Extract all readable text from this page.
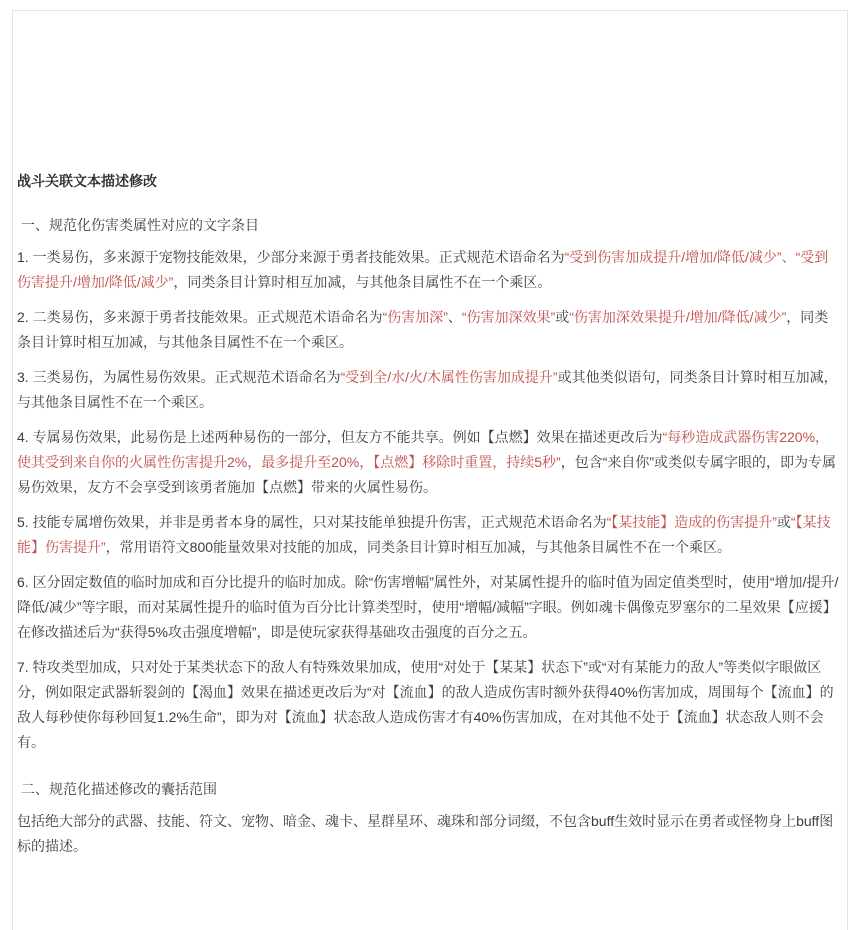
战斗关联文本描述修改
一、规范化伤害类属性对应的文字条目

1. 一类易伤，多来源于宠物技能效果，少部分来源于勇者技能效果。正式规范术语命名为“受到伤害加成提升/增加/降低/减少”、“受到伤害提升/增加/降低/减少”，同类条目计算时相互加减，与其他条目属性不在一个乘区。

2. 二类易伤，多来源于勇者技能效果。正式规范术语命名为“伤害加深”、“伤害加深效果”或“伤害加深效果提升/增加/降低/减少”，同类条目计算时相互加减，与其他条目属性不在一个乘区。

3. 三类易伤，为属性易伤效果。正式规范术语命名为“受到全/水/火/木属性伤害加成提升”或其他类似语句，同类条目计算时相互加减，与其他条目属性不在一个乘区。

4. 专属易伤效果，此易伤是上述两种易伤的一部分，但友方不能共享。例如【点燃】效果在描述更改后为“每秒造成武器伤害220%，使其受到来自你的火属性伤害提升2%，最多提升至20%，【点燃】移除时重置，持续5秒”，包含“来自你”或类似专属字眼的，即为专属易伤效果，友方不会享受到该勇者施加【点燃】带来的火属性易伤。

5. 技能专属增伤效果，并非是勇者本身的属性，只对某技能单独提升伤害，正式规范术语命名为“【某技能】造成的伤害提升”或“【某技能】伤害提升”，常用语符文800能量效果对技能的加成，同类条目计算时相互加减，与其他条目属性不在一个乘区。

6. 区分固定数值的临时加成和百分比提升的临时加成。除“伤害增幅”属性外，对某属性提升的临时值为固定值类型时，使用“增加/提升/降低/减少”等字眼，而对某属性提升的临时值为百分比计算类型时，使用“增幅/减幅”字眼。例如魂卡偶像克罗塞尔的二星效果【应援】在修改描述后为“获得5%攻击强度增幅”，即是使玩家获得基础攻击强度的百分之五。

7. 特攻类型加成，只对处于某类状态下的敌人有特殊效果加成，使用“对处于【某某】状态下”或“对有某能力的敌人”等类似字眼做区分，例如限定武器斩裂剑的【渴血】效果在描述更改后为“对【流血】的敌人造成伤害时额外获得40%伤害加成，周围每个【流血】的敌人每秒使你每秒回复1.2%生命”，即为对【流血】状态敌人造成伤害才有40%伤害加成，在对其他不处于【流血】状态敌人则不会有。

二、规范化描述修改的囊括范围

包括绝大部分的武器、技能、符文、宠物、暗金、魂卡、星群星环、魂珠和部分词缀，不包含buff生效时显示在勇者或怪物身上buff图标的描述。
